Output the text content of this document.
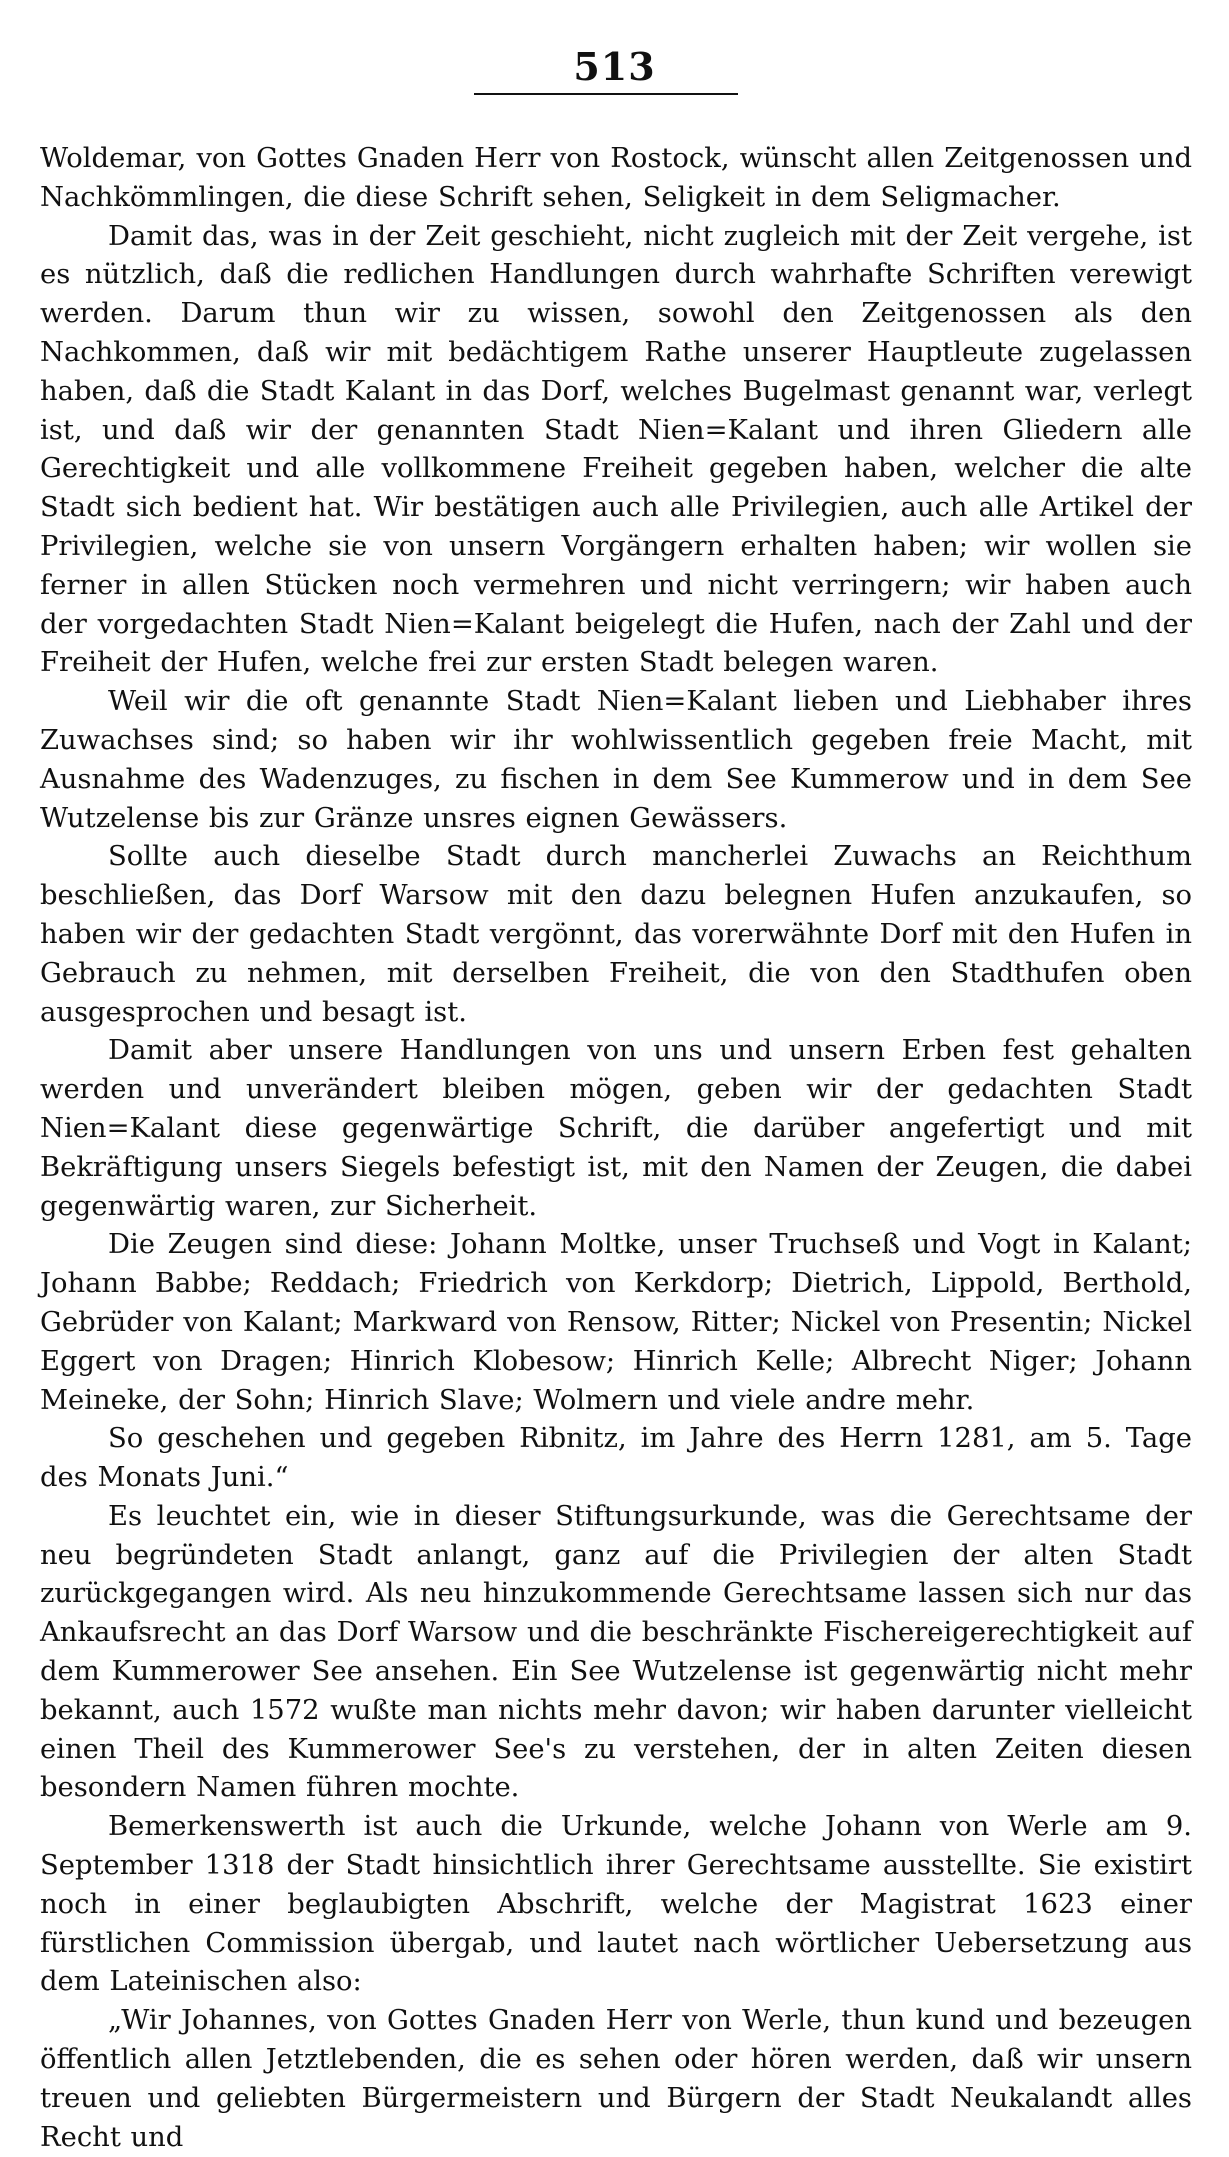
513

Woldemar, von Gottes Gnaden Herr von Rostock, wünscht allen Zeitgenossen und Nachkömmlingen, die diese Schrift sehen, Seligkeit in dem Seligmacher.

Damit das, was in der Zeit geschieht, nicht zugleich mit der Zeit vergehe, ist es nützlich, daß die redlichen Handlungen durch wahrhafte Schriften verewigt werden. Darum thun wir zu wissen, sowohl den Zeitgenossen als den Nachkommen, daß wir mit bedächtigem Rathe unserer Hauptleute zugelassen haben, daß die Stadt Kalant in das Dorf, welches Bugelmast genannt war, verlegt ist, und daß wir der genannten Stadt Nien=Kalant und ihren Gliedern alle Gerechtigkeit und alle vollkommene Freiheit gegeben haben, welcher die alte Stadt sich bedient hat. Wir bestätigen auch alle Privilegien, auch alle Artikel der Privilegien, welche sie von unsern Vorgängern erhalten haben; wir wollen sie ferner in allen Stücken noch vermehren und nicht verringern; wir haben auch der vorgedachten Stadt Nien=Kalant beigelegt die Hufen, nach der Zahl und der Freiheit der Hufen, welche frei zur ersten Stadt belegen waren.

Weil wir die oft genannte Stadt Nien=Kalant lieben und Liebhaber ihres Zuwachses sind; so haben wir ihr wohlwissentlich gegeben freie Macht, mit Ausnahme des Wadenzuges, zu fischen in dem See Kummerow und in dem See Wutzelense bis zur Gränze unsres eignen Gewässers.

Sollte auch dieselbe Stadt durch mancherlei Zuwachs an Reichthum beschließen, das Dorf Warsow mit den dazu belegnen Hufen anzukaufen, so haben wir der gedachten Stadt vergönnt, das vorerwähnte Dorf mit den Hufen in Gebrauch zu nehmen, mit derselben Freiheit, die von den Stadthufen oben ausgesprochen und besagt ist.

Damit aber unsere Handlungen von uns und unsern Erben fest gehalten werden und unverändert bleiben mögen, geben wir der gedachten Stadt Nien=Kalant diese gegenwärtige Schrift, die darüber angefertigt und mit Bekräftigung unsers Siegels befestigt ist, mit den Namen der Zeugen, die dabei gegenwärtig waren, zur Sicherheit.

Die Zeugen sind diese: Johann Moltke, unser Truchseß und Vogt in Kalant; Johann Babbe; Reddach; Friedrich von Kerkdorp; Dietrich, Lippold, Berthold, Gebrüder von Kalant; Markward von Rensow, Ritter; Nickel von Presentin; Nickel Eggert von Dragen; Hinrich Klobesow; Hinrich Kelle; Albrecht Niger; Johann Meineke, der Sohn; Hinrich Slave; Wolmern und viele andre mehr.

So geschehen und gegeben Ribnitz, im Jahre des Herrn 1281, am 5. Tage des Monats Juni.“

Es leuchtet ein, wie in dieser Stiftungsurkunde, was die Gerechtsame der neu begründeten Stadt anlangt, ganz auf die Privilegien der alten Stadt zurückgegangen wird. Als neu hinzukommende Gerechtsame lassen sich nur das Ankaufsrecht an das Dorf Warsow und die beschränkte Fischereigerechtigkeit auf dem Kummerower See ansehen. Ein See Wutzelense ist gegenwärtig nicht mehr bekannt, auch 1572 wußte man nichts mehr davon; wir haben darunter vielleicht einen Theil des Kummerower See's zu verstehen, der in alten Zeiten diesen besondern Namen führen mochte.

Bemerkenswerth ist auch die Urkunde, welche Johann von Werle am 9. September 1318 der Stadt hinsichtlich ihrer Gerechtsame ausstellte. Sie existirt noch in einer beglaubigten Abschrift, welche der Magistrat 1623 einer fürstlichen Commission übergab, und lautet nach wörtlicher Uebersetzung aus dem Lateinischen also:

„Wir Johannes, von Gottes Gnaden Herr von Werle, thun kund und bezeugen öffentlich allen Jetztlebenden, die es sehen oder hören werden, daß wir unsern treuen und geliebten Bürgermeistern und Bürgern der Stadt Neukalandt alles Recht und
